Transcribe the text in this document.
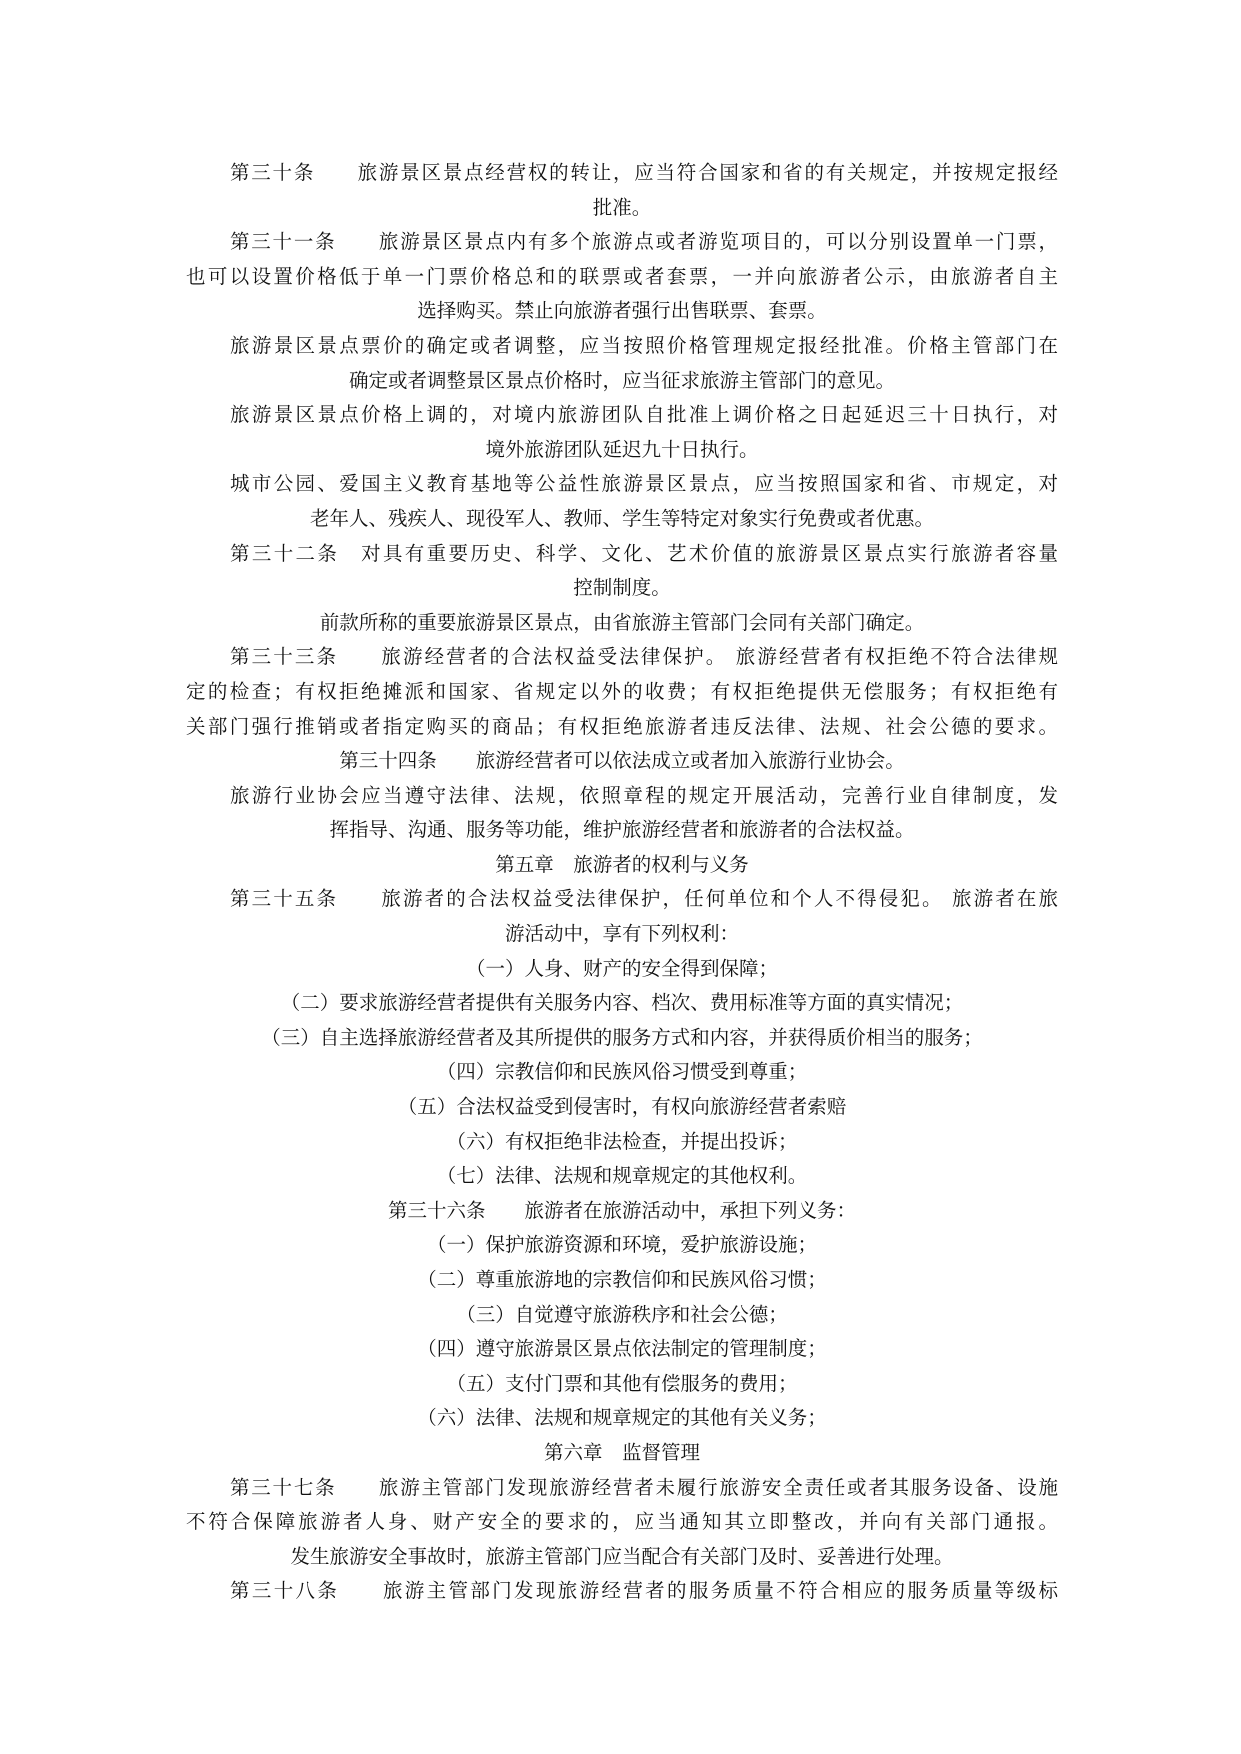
第三十条　　旅游景区景点经营权的转让，应当符合国家和省的有关规定，并按规定报经
批准。
第三十一条　　旅游景区景点内有多个旅游点或者游览项目的，可以分别设置单一门票，
也可以设置价格低于单一门票价格总和的联票或者套票，一并向旅游者公示，由旅游者自主
选择购买。禁止向旅游者强行出售联票、套票。
旅游景区景点票价的确定或者调整，应当按照价格管理规定报经批准。价格主管部门在
确定或者调整景区景点价格时，应当征求旅游主管部门的意见。
旅游景区景点价格上调的，对境内旅游团队自批准上调价格之日起延迟三十日执行，对
境外旅游团队延迟九十日执行。
城市公园、爱国主义教育基地等公益性旅游景区景点，应当按照国家和省、市规定，对
老年人、残疾人、现役军人、教师、学生等特定对象实行免费或者优惠。
第三十二条　对具有重要历史、科学、文化、艺术价值的旅游景区景点实行旅游者容量
控制制度。
前款所称的重要旅游景区景点，由省旅游主管部门会同有关部门确定。
第三十三条　　旅游经营者的合法权益受法律保护。 旅游经营者有权拒绝不符合法律规
定的检查；有权拒绝摊派和国家、省规定以外的收费；有权拒绝提供无偿服务；有权拒绝有
关部门强行推销或者指定购买的商品；有权拒绝旅游者违反法律、法规、社会公德的要求。
第三十四条　　旅游经营者可以依法成立或者加入旅游行业协会。
旅游行业协会应当遵守法律、法规，依照章程的规定开展活动，完善行业自律制度，发
挥指导、沟通、服务等功能，维护旅游经营者和旅游者的合法权益。
第五章　旅游者的权利与义务
第三十五条　　旅游者的合法权益受法律保护，任何单位和个人不得侵犯。 旅游者在旅
游活动中，享有下列权利：
（一）人身、财产的安全得到保障；
（二）要求旅游经营者提供有关服务内容、档次、费用标准等方面的真实情况；
（三）自主选择旅游经营者及其所提供的服务方式和内容，并获得质价相当的服务；
（四）宗教信仰和民族风俗习惯受到尊重；
（五）合法权益受到侵害时，有权向旅游经营者索赔
（六）有权拒绝非法检查，并提出投诉；
（七）法律、法规和规章规定的其他权利。
第三十六条　　旅游者在旅游活动中，承担下列义务：
（一）保护旅游资源和环境，爱护旅游设施；
（二）尊重旅游地的宗教信仰和民族风俗习惯；
（三）自觉遵守旅游秩序和社会公德；
（四）遵守旅游景区景点依法制定的管理制度；
（五）支付门票和其他有偿服务的费用；
（六）法律、法规和规章规定的其他有关义务；
第六章　监督管理
第三十七条　　旅游主管部门发现旅游经营者未履行旅游安全责任或者其服务设备、设施
不符合保障旅游者人身、财产安全的要求的，应当通知其立即整改，并向有关部门通报。
发生旅游安全事故时，旅游主管部门应当配合有关部门及时、妥善进行处理。
第三十八条　　旅游主管部门发现旅游经营者的服务质量不符合相应的服务质量等级标
